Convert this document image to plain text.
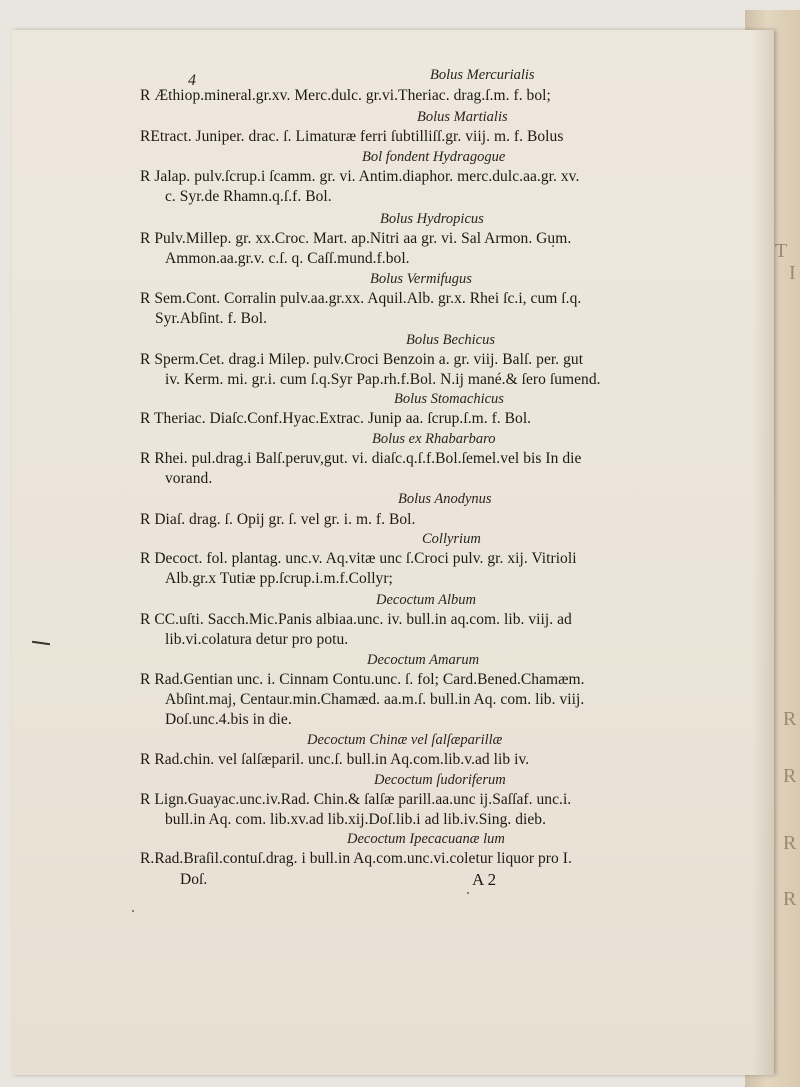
T
I
R
R
R
R
4	Bolus Mercurialis
R Æthiop.mineral.gr.xv. Merc.dulc. gr.vi.Theriac. drag.ſ.m. f. bol;
Bolus Martialis
REtract. Juniper. drac. ſ. Limaturæ ferri ſubtilliſſ.gr. viij. m. f. Bolus
Bol fondent Hydragogue
R Jalap. pulv.ſcrup.i ſcamm. gr. vi. Antim.diaphor. merc.dulc.aa.gr. xv.
c. Syr.de Rhamn.q.ſ.f. Bol.
Bolus Hydropicus
R Pulv.Millep. gr. xx.Croc. Mart. ap.Nitri aa gr. vi. Sal Armon. Gum.
Ammon.aa.gr.v. c.ſ. q. Caſſ.mund.f.bol.
Bolus Vermifugus
R Sem.Cont. Corralin pulv.aa.gr.xx. Aquil.Alb. gr.x. Rhei ſc.i, cum ſ.q.
Syr.Abſint. f. Bol.
Bolus Bechicus
R Sperm.Cet. drag.i Milep. pulv.Croci Benzoin a. gr. viij. Balſ. per. gut
iv. Kerm. mi. gr.i. cum ſ.q.Syr Pap.rh.f.Bol. N.ij mané.& ſero ſumend.
Bolus Stomachicus
R Theriac. Diaſc.Conf.Hyac.Extrac. Junip aa. ſcrup.ſ.m. f. Bol.
Bolus ex Rhabarbaro
R Rhei. pul.drag.i Balſ.peruv,gut. vi. diaſc.q.ſ.f.Bol.ſemel.vel bis In die
vorand.
Bolus Anodynus
R Diaſ. drag. ſ. Opij gr. ſ. vel gr. i. m. f. Bol.
Collyrium
R Decoct. fol. plantag. unc.v. Aq.vitæ unc ſ.Croci pulv. gr. xij. Vitrioli
Alb.gr.x Tutiæ pp.ſcrup.i.m.f.Collyr;
Decoctum Album
R CC.uſti. Sacch.Mic.Panis albiaa.unc. iv. bull.in aq.com. lib. viij. ad
lib.vi.colatura detur pro potu.
Decoctum Amarum
R Rad.Gentian unc. i. Cinnam Contu.unc. ſ. fol; Card.Bened.Chamæm.
Abſint.maj, Centaur.min.Chamæd. aa.m.ſ. bull.in Aq. com. lib. viij.
Doſ.unc.4.bis in die.
Decoctum Chinæ vel ſalſæparillæ
R Rad.chin. vel ſalſæparil. unc.ſ. bull.in Aq.com.lib.v.ad lib iv.
Decoctum ſudoriferum
R Lign.Guayac.unc.iv.Rad. Chin.& ſalſæ parill.aa.unc ij.Saſſaf. unc.i.
bull.in Aq. com. lib.xv.ad lib.xij.Doſ.lib.i ad lib.iv.Sing. dieb.
Decoctum Ipecacuanæ lum
R.Rad.Braſil.contuſ.drag. i bull.in Aq.com.unc.vi.coletur liquor pro I.
Doſ.	A 2
